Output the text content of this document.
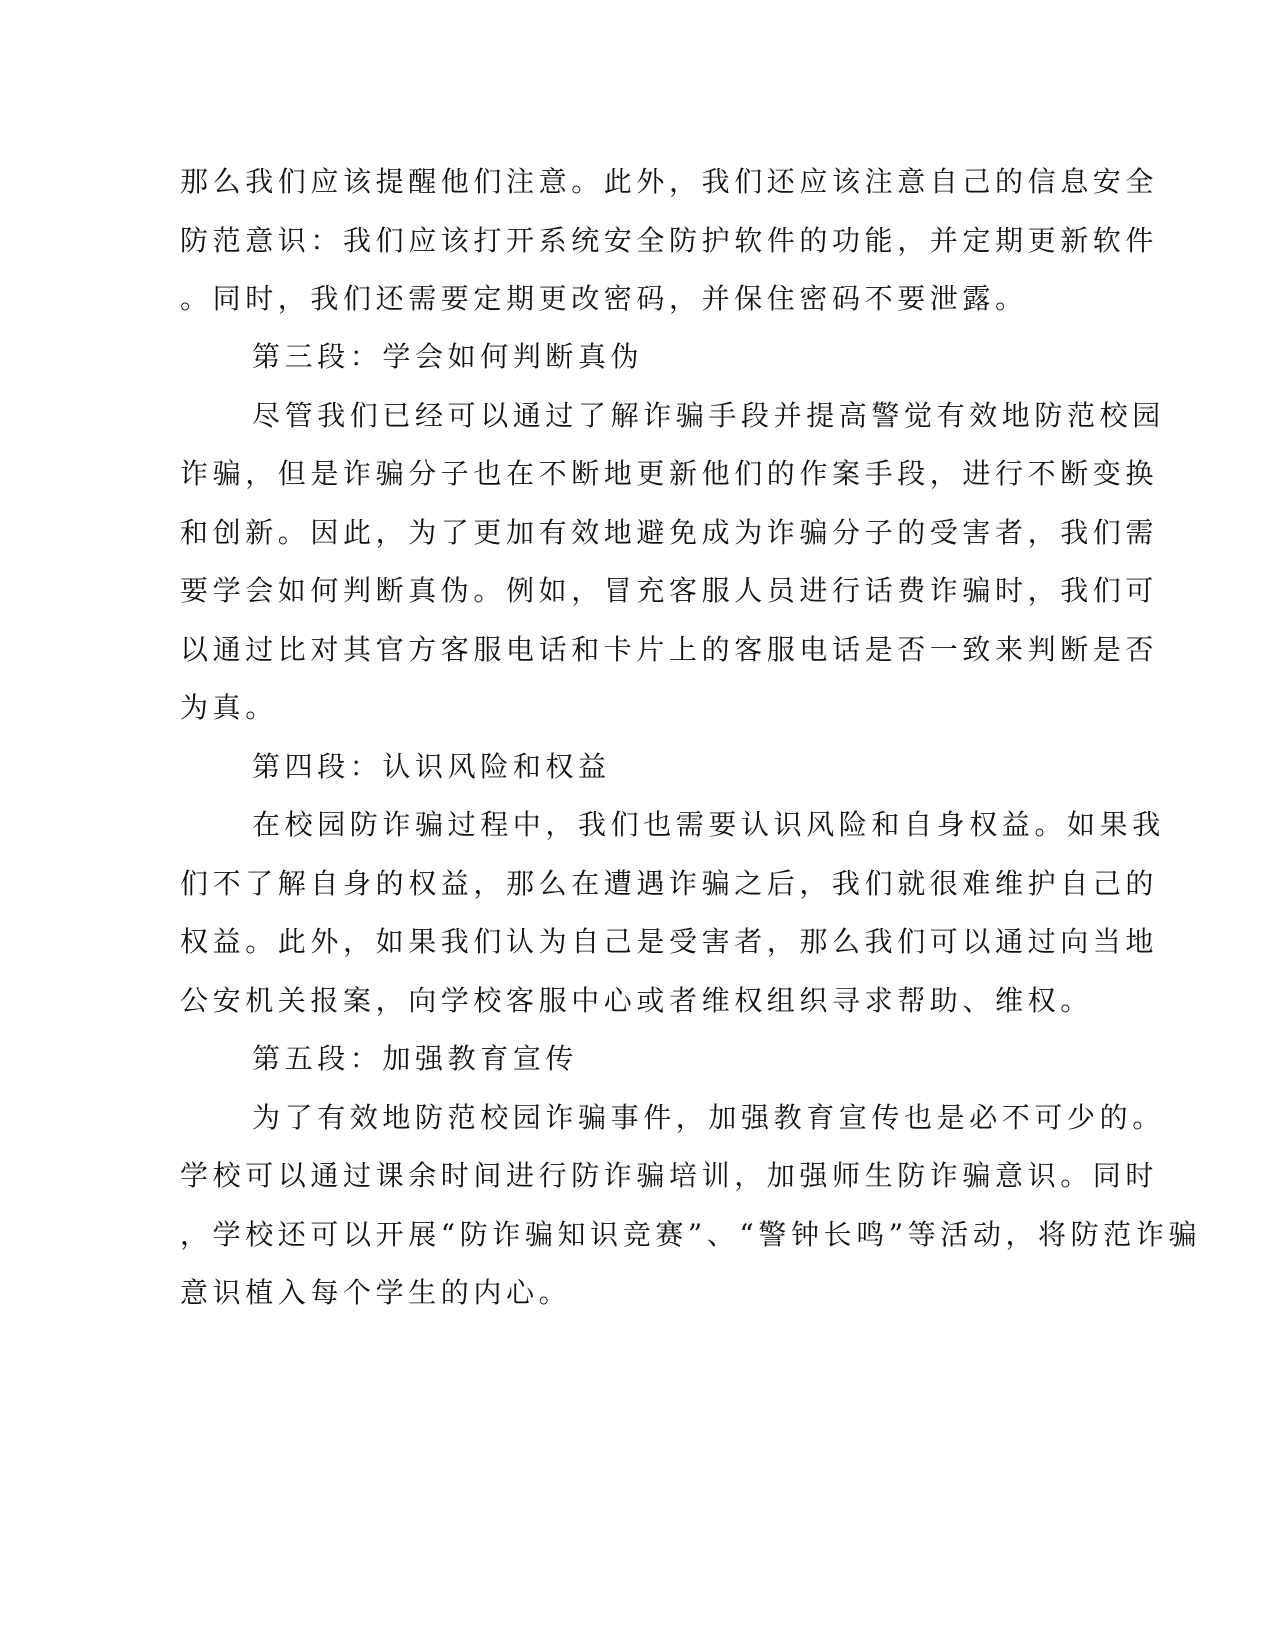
那么我们应该提醒他们注意。此外，我们还应该注意自己的信息安全
防范意识：我们应该打开系统安全防护软件的功能，并定期更新软件
。同时，我们还需要定期更改密码，并保住密码不要泄露。
第三段：学会如何判断真伪
尽管我们已经可以通过了解诈骗手段并提高警觉有效地防范校园
诈骗，但是诈骗分子也在不断地更新他们的作案手段，进行不断变换
和创新。因此，为了更加有效地避免成为诈骗分子的受害者，我们需
要学会如何判断真伪。例如，冒充客服人员进行话费诈骗时，我们可
以通过比对其官方客服电话和卡片上的客服电话是否一致来判断是否
为真。
第四段：认识风险和权益
在校园防诈骗过程中，我们也需要认识风险和自身权益。如果我
们不了解自身的权益，那么在遭遇诈骗之后，我们就很难维护自己的
权益。此外，如果我们认为自己是受害者，那么我们可以通过向当地
公安机关报案，向学校客服中心或者维权组织寻求帮助、维权。
第五段：加强教育宣传
为了有效地防范校园诈骗事件，加强教育宣传也是必不可少的。
学校可以通过课余时间进行防诈骗培训，加强师生防诈骗意识。同时
，学校还可以开展“防诈骗知识竞赛”、“警钟长鸣”等活动，将防范诈骗
意识植入每个学生的内心。
